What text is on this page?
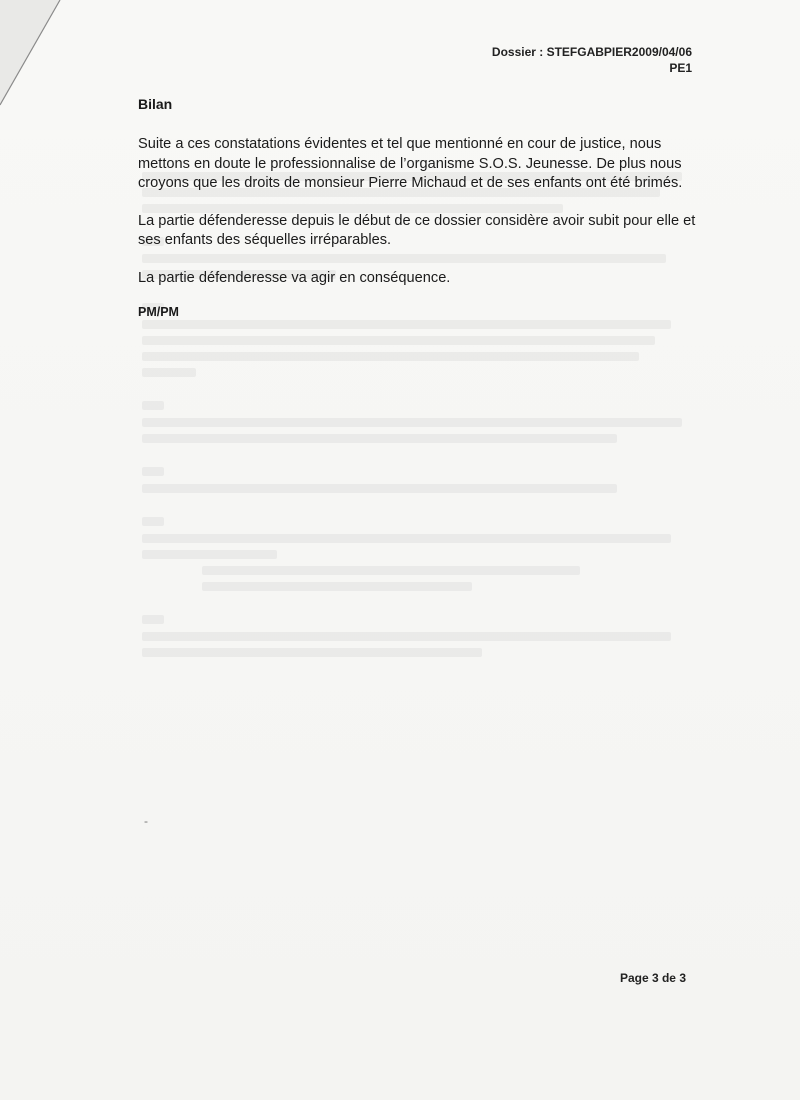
Dossier : STEFGABPIER2009/04/06
PE1
Bilan

Suite a ces constatations évidentes et tel que mentionné en cour de justice, nous mettons en doute le professionnalise de l’organisme S.O.S. Jeunesse. De plus nous croyons que les droits de monsieur Pierre Michaud et de ses enfants ont été brimés.

La partie défenderesse depuis le début de ce dossier considère avoir subit pour elle et ses enfants des séquelles irréparables.

La partie défenderesse va agir en conséquence.

PM/PM
-
Page 3 de 3
